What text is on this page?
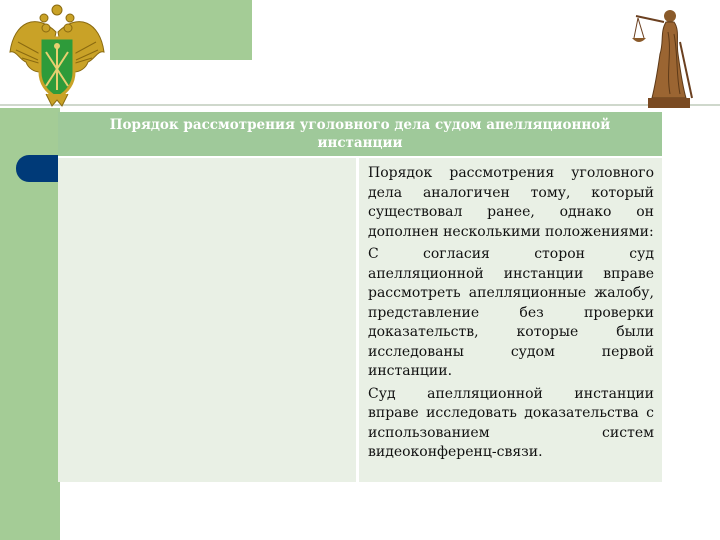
Порядок рассмотрения уголовного дела судом апелляционной инстанции

Порядок рассмотрения уголовного дела аналогичен тому, который существовал ранее, однако он дополнен несколькими положениями:

С согласия сторон суд апелляционной инстанции вправе рассмотреть апелляционные жалобу, представление без проверки доказательств, которые были исследованы судом первой инстанции.

Суд апелляционной инстанции вправе исследовать доказательства с использованием систем видеоконференц-связи.
